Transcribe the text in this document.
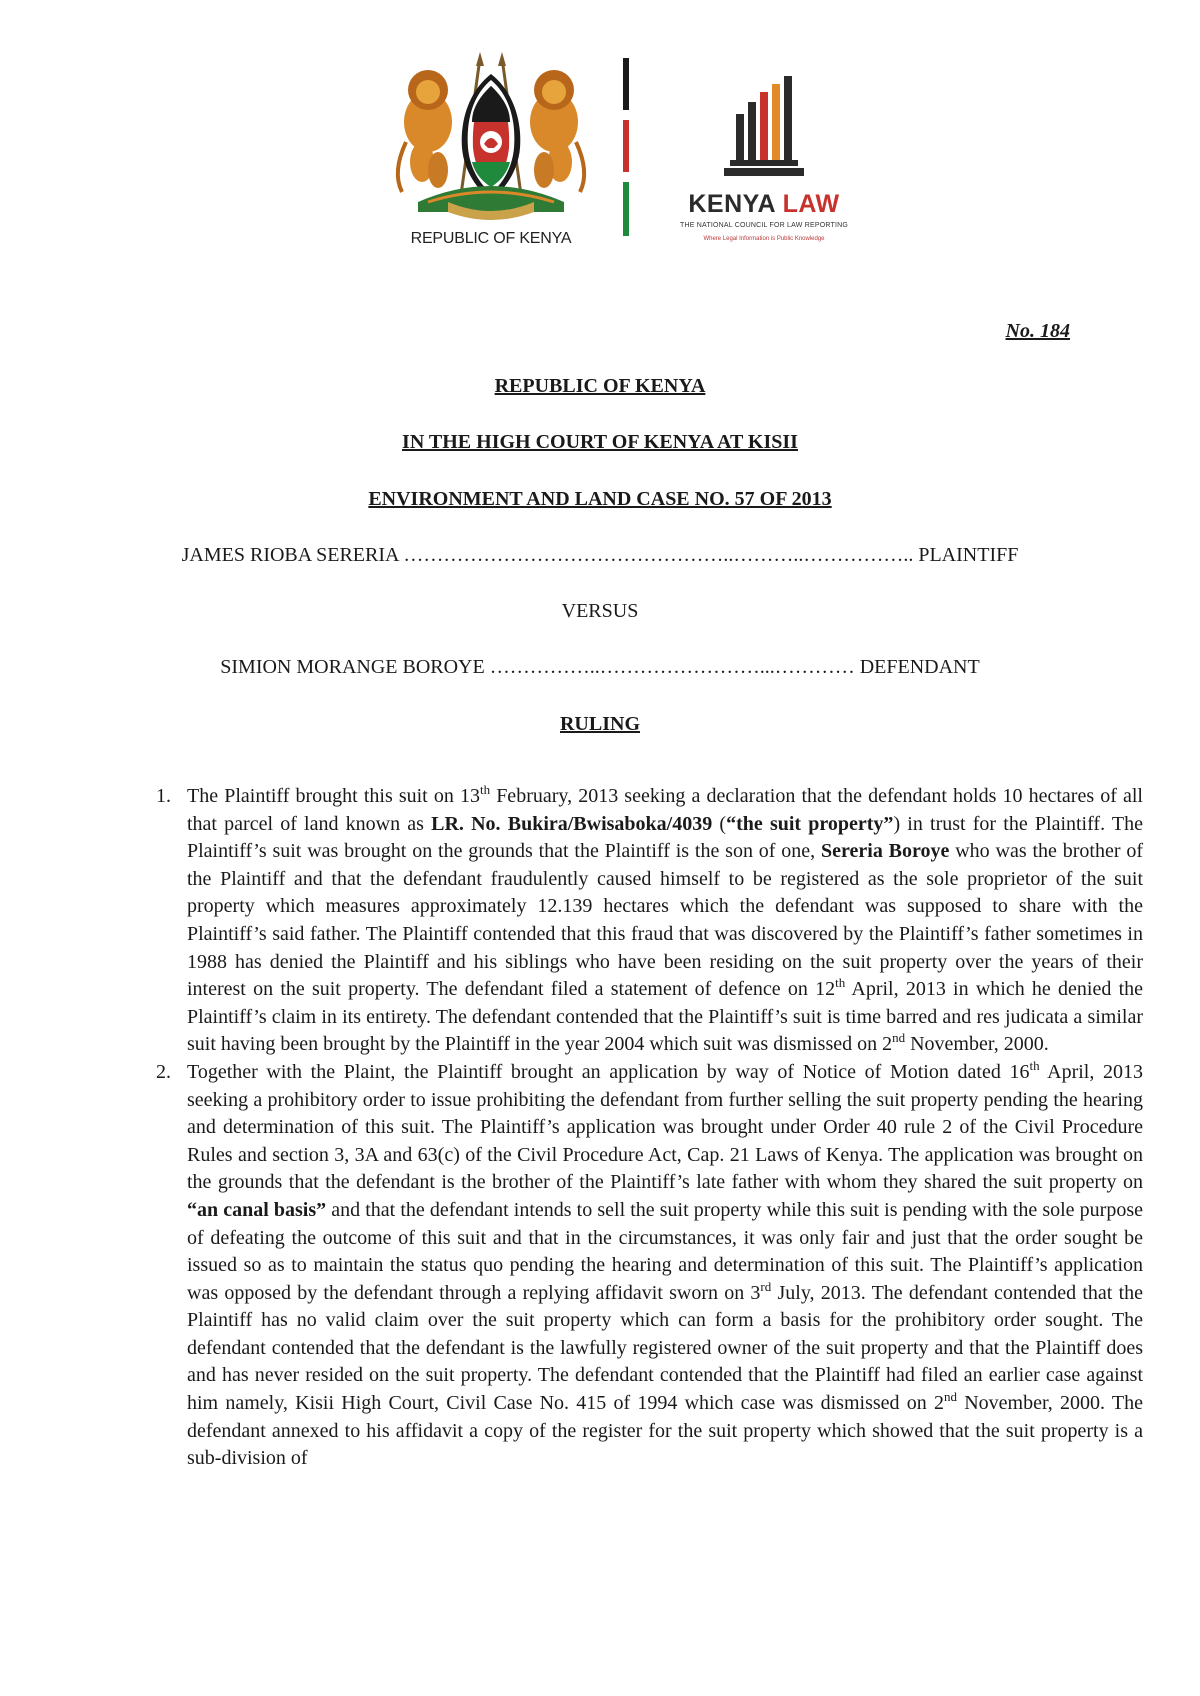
REPUBLIC OF KENYA
KENYA LAW
THE NATIONAL COUNCIL FOR LAW REPORTING
Where Legal Information is Public Knowledge
No. 184
REPUBLIC OF KENYA
IN THE HIGH COURT OF KENYA AT KISII
ENVIRONMENT AND LAND CASE NO. 57 OF 2013
JAMES RIOBA SERERIA …………………………………………..………..…………….. PLAINTIFF
VERSUS
SIMION MORANGE BOROYE ……………..……………………...………… DEFENDANT
RULING
1. The Plaintiff brought this suit on 13th February, 2013 seeking a declaration that the defendant holds 10 hectares of all that parcel of land known as LR. No. Bukira/Bwisaboka/4039 (“the suit property”) in trust for the Plaintiff. The Plaintiff’s suit was brought on the grounds that the Plaintiff is the son of one, Sereria Boroye who was the brother of the Plaintiff and that the defendant fraudulently caused himself to be registered as the sole proprietor of the suit property which measures approximately 12.139 hectares which the defendant was supposed to share with the Plaintiff’s said father. The Plaintiff contended that this fraud that was discovered by the Plaintiff’s father sometimes in 1988 has denied the Plaintiff and his siblings who have been residing on the suit property over the years of their interest on the suit property. The defendant filed a statement of defence on 12th April, 2013 in which he denied the Plaintiff’s claim in its entirety. The defendant contended that the Plaintiff’s suit is time barred and res judicata a similar suit having been brought by the Plaintiff in the year 2004 which suit was dismissed on 2nd November, 2000.
2. Together with the Plaint, the Plaintiff brought an application by way of Notice of Motion dated 16th April, 2013 seeking a prohibitory order to issue prohibiting the defendant from further selling the suit property pending the hearing and determination of this suit. The Plaintiff’s application was brought under Order 40 rule 2 of the Civil Procedure Rules and section 3, 3A and 63(c) of the Civil Procedure Act, Cap. 21 Laws of Kenya. The application was brought on the grounds that the defendant is the brother of the Plaintiff’s late father with whom they shared the suit property on “an canal basis” and that the defendant intends to sell the suit property while this suit is pending with the sole purpose of defeating the outcome of this suit and that in the circumstances, it was only fair and just that the order sought be issued so as to maintain the status quo pending the hearing and determination of this suit. The Plaintiff’s application was opposed by the defendant through a replying affidavit sworn on 3rd July, 2013. The defendant contended that the Plaintiff has no valid claim over the suit property which can form a basis for the prohibitory order sought. The defendant contended that the defendant is the lawfully registered owner of the suit property and that the Plaintiff does and has never resided on the suit property. The defendant contended that the Plaintiff had filed an earlier case against him namely, Kisii High Court, Civil Case No. 415 of 1994 which case was dismissed on 2nd November, 2000. The defendant annexed to his affidavit a copy of the register for the suit property which showed that the suit property is a sub-division of
